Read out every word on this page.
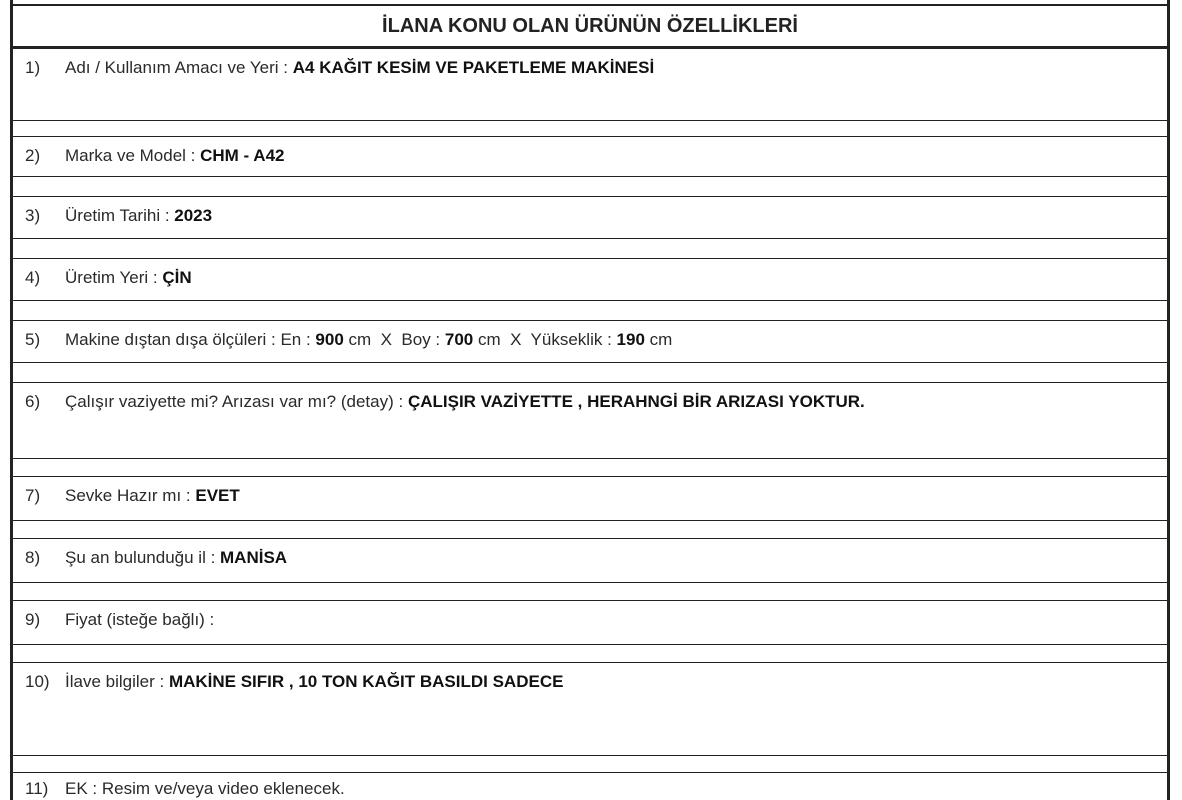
İLANA KONU OLAN ÜRÜNÜN ÖZELLİKLERİ
1) Adı / Kullanım Amacı ve Yeri : A4 KAĞIT KESİM VE PAKETLEME MAKİNESİ
2) Marka ve Model : CHM - A42
3) Üretim Tarihi : 2023
4) Üretim Yeri : ÇİN
5) Makine dıştan dışa ölçüleri : En : 900 cm  X  Boy : 700 cm  X  Yükseklik : 190 cm
6) Çalışır vaziyette mi? Arızası var mı? (detay) : ÇALIŞIR VAZİYETTE , HERAHNGİ BİR ARIZASI YOKTUR.
7) Sevke Hazır mı : EVET
8) Şu an bulunduğu il : MANİSA
9) Fiyat (isteğe bağlı) :
10) İlave bilgiler : MAKİNE SIFIR , 10 TON KAĞIT BASILDI SADECE
11) EK : Resim ve/veya video eklenecek.
